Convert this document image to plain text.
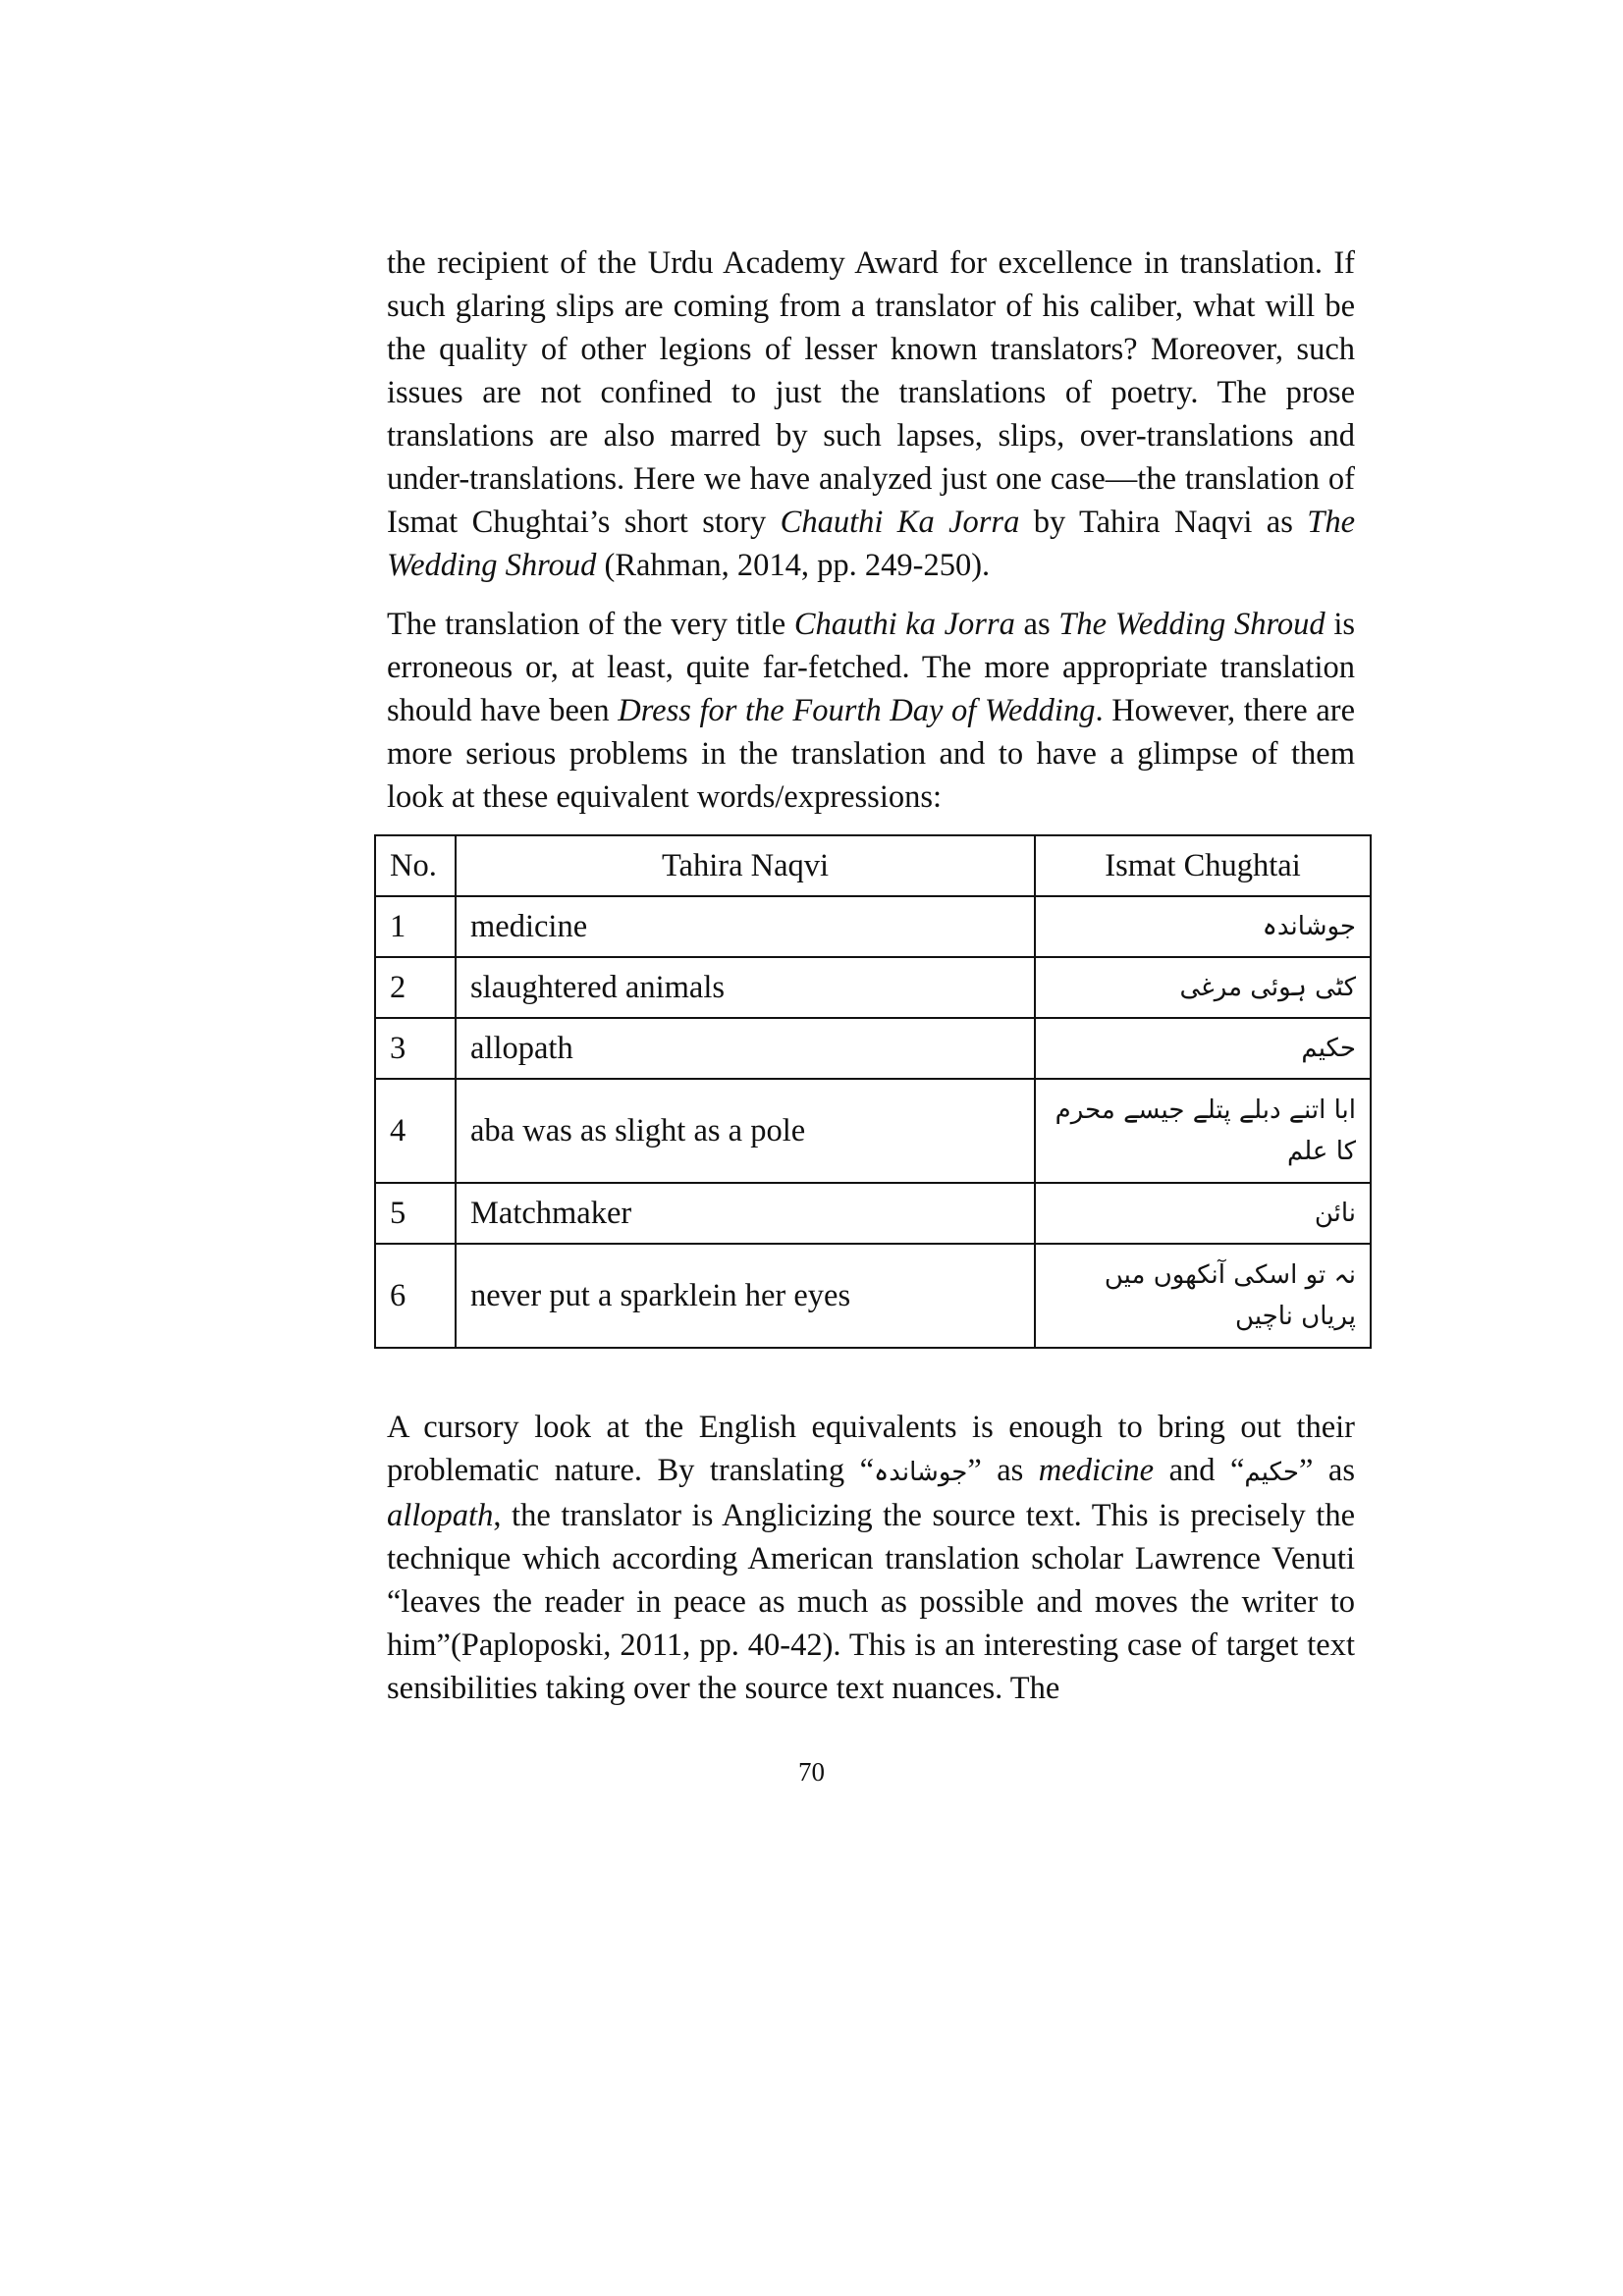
the recipient of the Urdu Academy Award for excellence in translation. If such glaring slips are coming from a translator of his caliber, what will be the quality of other legions of lesser known translators? Moreover, such issues are not confined to just the translations of poetry. The prose translations are also marred by such lapses, slips, over-translations and under-translations. Here we have analyzed just one case—the translation of Ismat Chughtai’s short story Chauthi Ka Jorra by Tahira Naqvi as The Wedding Shroud (Rahman, 2014, pp. 249-250).

The translation of the very title Chauthi ka Jorra as The Wedding Shroud is erroneous or, at least, quite far-fetched. The more appropriate translation should have been Dress for the Fourth Day of Wedding. However, there are more serious problems in the translation and to have a glimpse of them look at these equivalent words/expressions:

No.	Tahira Naqvi	Ismat Chughtai
1	medicine	جوشاندہ
2	slaughtered animals	کٹی ہوئی مرغی
3	allopath	حکیم
4	aba was as slight as a pole	ابا اتنے دبلے پتلے جیسے محرم کا علم
5	Matchmaker	نائن
6	never put a sparklein her eyes	نہ تو اسکی آنکھوں میں پریاں ناچیں

A cursory look at the English equivalents is enough to bring out their problematic nature. By translating “جوشاندہ” as medicine and “حکیم” as allopath, the translator is Anglicizing the source text. This is precisely the technique which according American translation scholar Lawrence Venuti “leaves the reader in peace as much as possible and moves the writer to him”(Paploposki, 2011, pp. 40-42). This is an interesting case of target text sensibilities taking over the source text nuances. The

70
